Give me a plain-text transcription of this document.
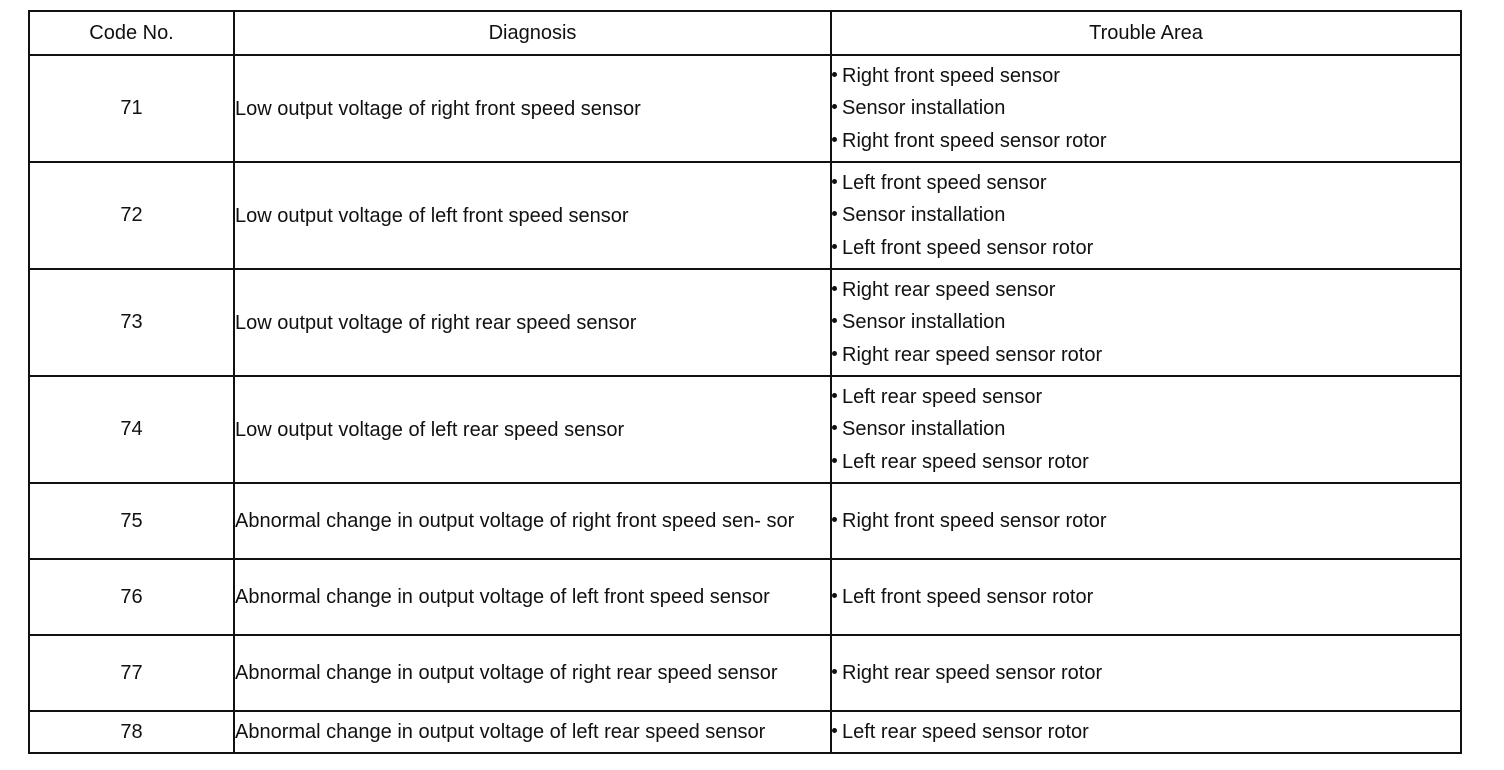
Code No.	Diagnosis	Trouble Area
71	Low output voltage of right front speed sensor	Right front speed sensor
Sensor installation
Right front speed sensor rotor

72	Low output voltage of left front speed sensor	Left front speed sensor
Sensor installation
Left front speed sensor rotor

73	Low output voltage of right rear speed sensor	Right rear speed sensor
Sensor installation
Right rear speed sensor rotor

74	Low output voltage of left rear speed sensor	Left rear speed sensor
Sensor installation
Left rear speed sensor rotor

75	Abnormal change in output voltage of right front speed sen- sor	Right front speed sensor rotor

76	Abnormal change in output voltage of left front speed sensor	Left front speed sensor rotor

77	Abnormal change in output voltage of right rear speed sensor	Right rear speed sensor rotor

78	Abnormal change in output voltage of left rear speed sensor	Left rear speed sensor rotor
